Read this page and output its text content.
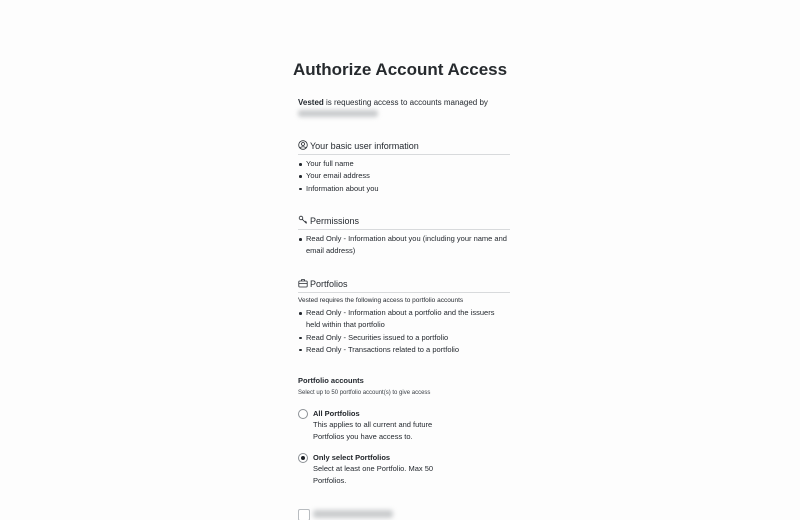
Authorize Account Access
Vested is requesting access to accounts managed by
Your basic user information
Your full name
Your email address
Information about you
Permissions
Read Only - Information about you (including your name and email address)
Portfolios
Vested requires the following access to portfolio accounts
Read Only - Information about a portfolio and the issuers held within that portfolio
Read Only - Securities issued to a portfolio
Read Only - Transactions related to a portfolio
Portfolio accounts
Select up to 50 portfolio account(s) to give access
All Portfolios
This applies to all current and future Portfolios you have access to.
Only select Portfolios
Select at least one Portfolio. Max 50 Portfolios.
